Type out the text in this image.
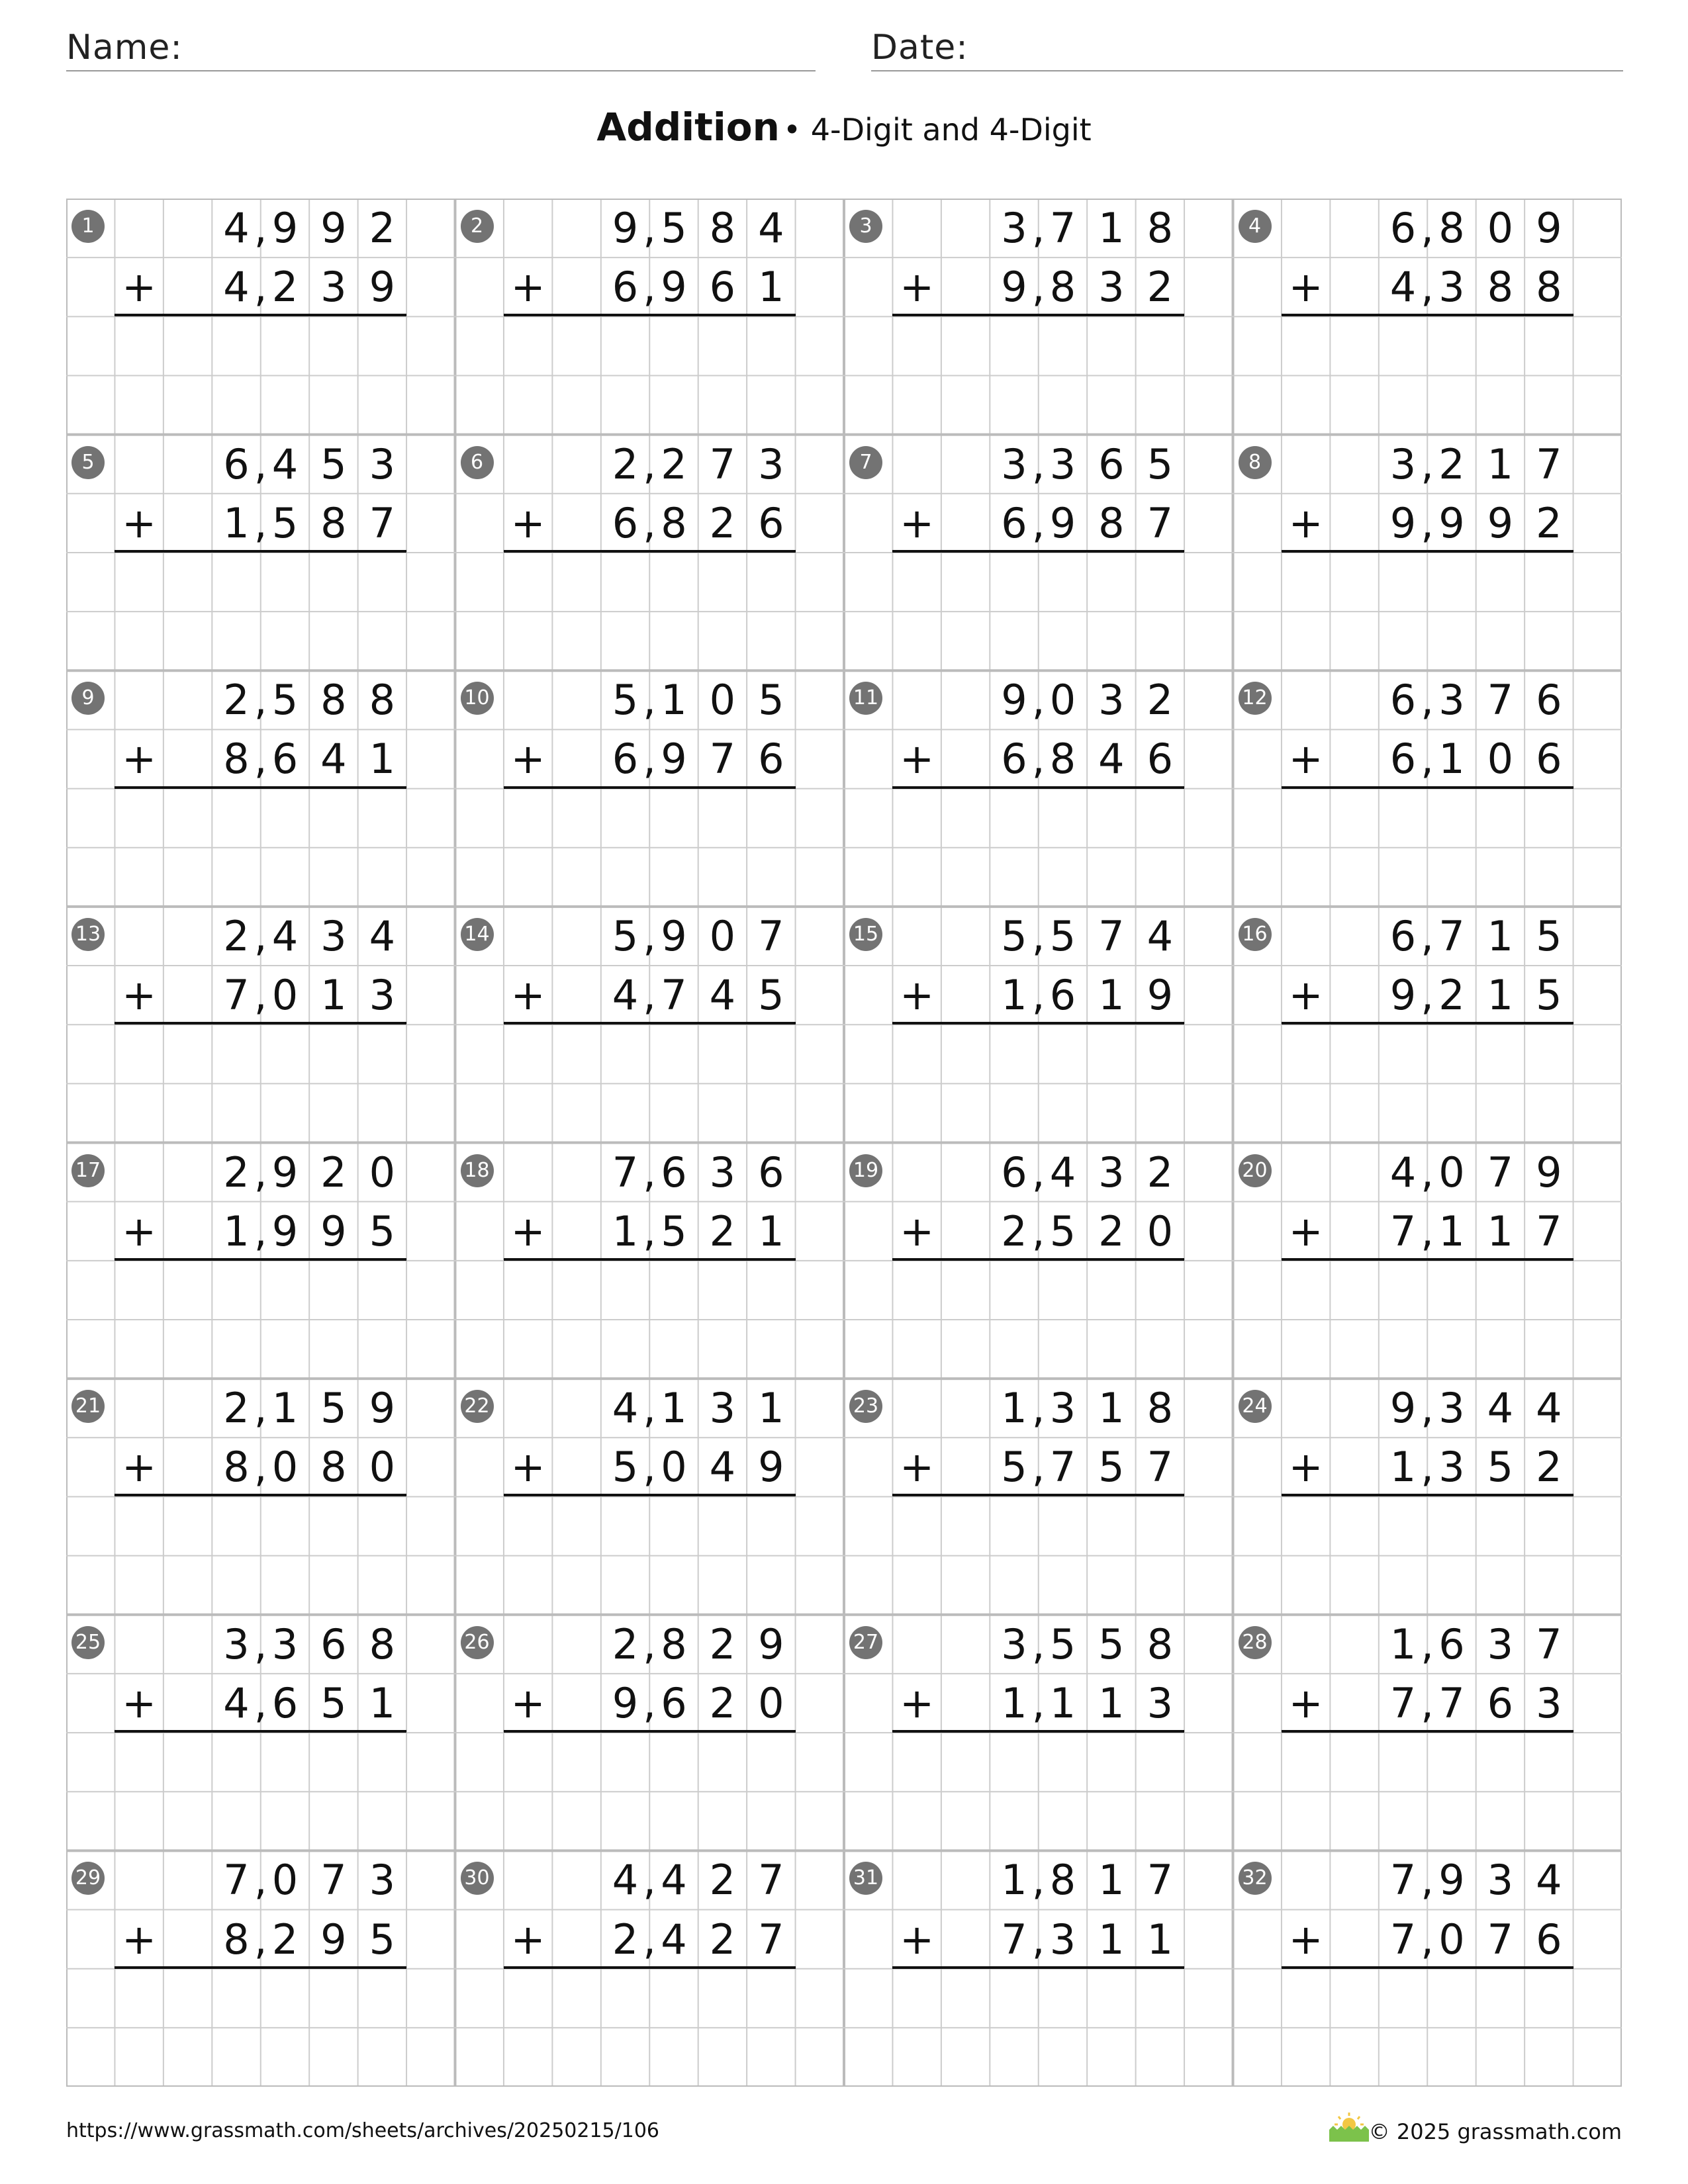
Name:	Date:
Addition • 4-Digit and 4-Digit
1	4 9 9 2
,
4 2 3 9
,
+
2	9 5 8 4
,
6 9 6 1
,
+
3	3 7 1 8
,
9 8 3 2
,
+
4	6 8 0 9
,
4 3 8 8
,
+
5	6 4 5 3
,
1 5 8 7
,
+
6	2 2 7 3
,
6 8 2 6
,
+
7	3 3 6 5
,
6 9 8 7
,
+
8	3 2 1 7
,
9 9 9 2
,
+
9	2 5 8 8
,
8 6 4 1
,
+
10	5 1 0 5
,
6 9 7 6
,
+
11	9 0 3 2
,
6 8 4 6
,
+
12	6 3 7 6
,
6 1 0 6
,
+
13	2 4 3 4
,
7 0 1 3
,
+
14	5 9 0 7
,
4 7 4 5
,
+
15	5 5 7 4
,
1 6 1 9
,
+
16	6 7 1 5
,
9 2 1 5
,
+
17	2 9 2 0
,
1 9 9 5
,
+
18	7 6 3 6
,
1 5 2 1
,
+
19	6 4 3 2
,
2 5 2 0
,
+
20	4 0 7 9
,
7 1 1 7
,
+
21	2 1 5 9
,
8 0 8 0
,
+
22	4 1 3 1
,
5 0 4 9
,
+
23	1 3 1 8
,
5 7 5 7
,
+
24	9 3 4 4
,
1 3 5 2
,
+
25	3 3 6 8
,
4 6 5 1
,
+
26	2 8 2 9
,
9 6 2 0
,
+
27	3 5 5 8
,
1 1 1 3
,
+
28	1 6 3 7
,
7 7 6 3
,
+
29	7 0 7 3
,
8 2 9 5
,
+
30	4 4 2 7
,
2 4 2 7
,
+
31	1 8 1 7
,
7 3 1 1
,
+
32	7 9 3 4
,
7 0 7 6
,
+
https://www.grassmath.com/sheets/archives/20250215/106	© 2025 grassmath.com
